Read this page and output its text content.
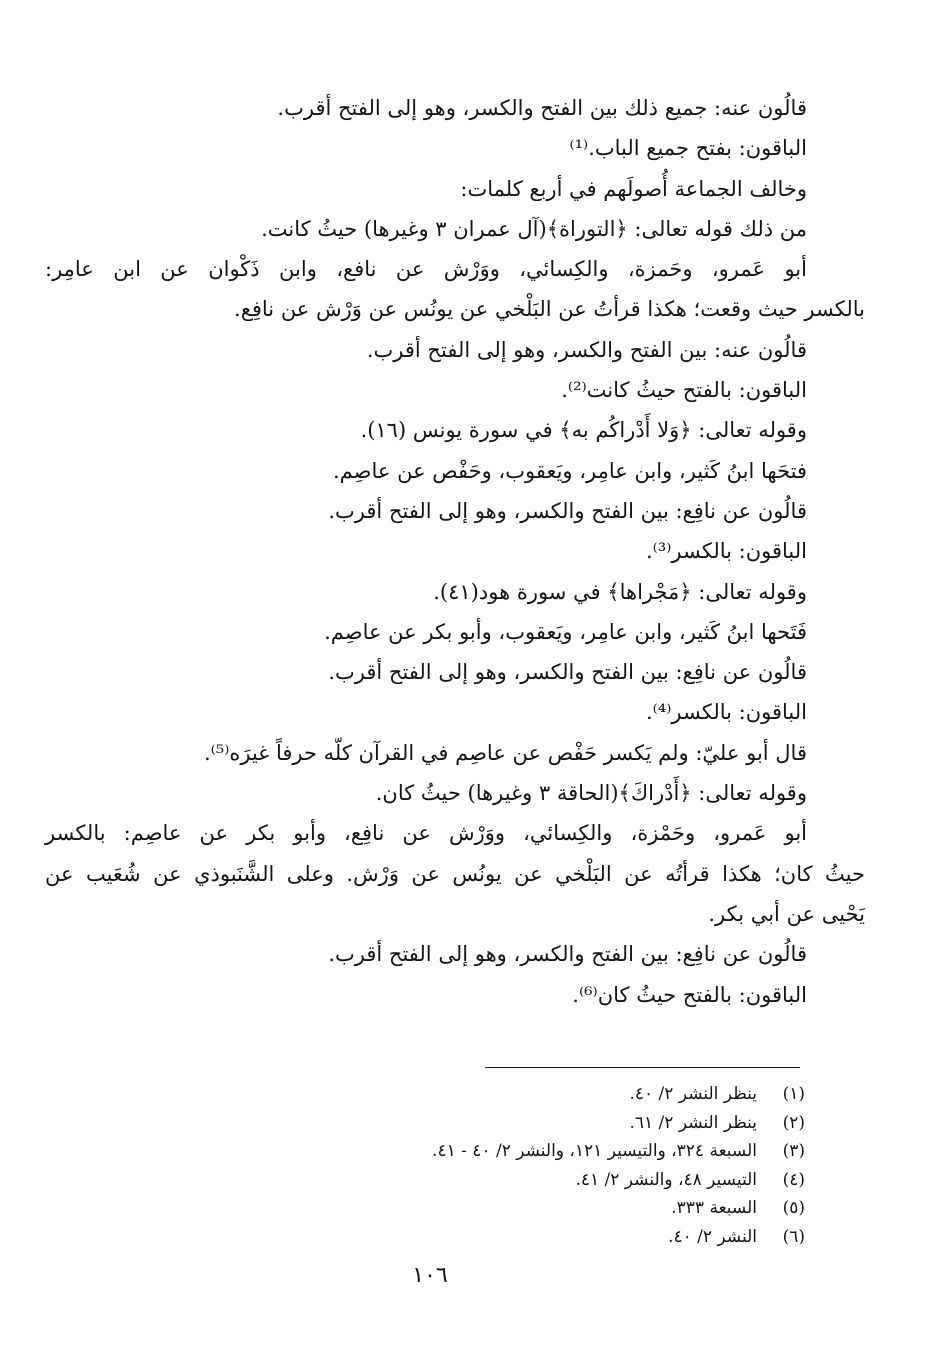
قالُون عنه: جميع ذلك بين الفتح والكسر، وهو إلى الفتح أقرب.
الباقون: بفتح جميع الباب.⁽¹⁾
وخالف الجماعة أُصولَهم في أربع كلمات:
من ذلك قوله تعالى: ﴿التوراة﴾(آل عمران ٣ وغيرها) حيثُ كانت.
أبو عَمرو، وحَمزة، والكِسائي، ووَرْش عن نافع، وابن ذَكْوان عن ابن عامِر:
بالكسر حيث وقعت؛ هكذا قرأتُ عن البَلْخي عن يونُس عن وَرْش عن نافِع.
قالُون عنه: بين الفتح والكسر، وهو إلى الفتح أقرب.
الباقون: بالفتح حيثُ كانت⁽²⁾.
وقوله تعالى: ﴿وَلا أَدْراكُم به﴾ في سورة يونس (١٦).
فتحَها ابنُ كَثير، وابن عامِر، ويَعقوب، وحَفْص عن عاصِم.
قالُون عن نافِع: بين الفتح والكسر، وهو إلى الفتح أقرب.
الباقون: بالكسر⁽³⁾.
وقوله تعالى: ﴿مَجْراها﴾ في سورة هود(٤١).
فَتَحها ابنُ كَثير، وابن عامِر، ويَعقوب، وأبو بكر عن عاصِم.
قالُون عن نافِع: بين الفتح والكسر، وهو إلى الفتح أقرب.
الباقون: بالكسر⁽⁴⁾.
قال أبو عليّ: ولم يَكسر حَفْص عن عاصِم في القرآن كلّه حرفاً غيرَه⁽⁵⁾.
وقوله تعالى: ﴿أَدْراكَ﴾(الحاقة ٣ وغيرها) حيثُ كان.
أبو عَمرو، وحَمْزة، والكِسائي، ووَرْش عن نافِع، وأبو بكر عن عاصِم: بالكسر
حيثُ كان؛ هكذا قرأتُه عن البَلْخي عن يونُس عن وَرْش. وعلى الشَّنَبوذي عن شُعَيب عن
يَحْيى عن أبي بكر.
قالُون عن نافِع: بين الفتح والكسر، وهو إلى الفتح أقرب.
الباقون: بالفتح حيثُ كان⁽⁶⁾.
(١)ينظر النشر ٢/ ٤٠.
(٢)ينظر النشر ٢/ ٦١.
(٣)السبعة ٣٢٤، والتيسير ١٢١، والنشر ٢/ ٤٠ - ٤١.
(٤)التيسير ٤٨، والنشر ٢/ ٤١.
(٥)السبعة ٣٣٣.
(٦)النشر ٢/ ٤٠.
١٠٦
